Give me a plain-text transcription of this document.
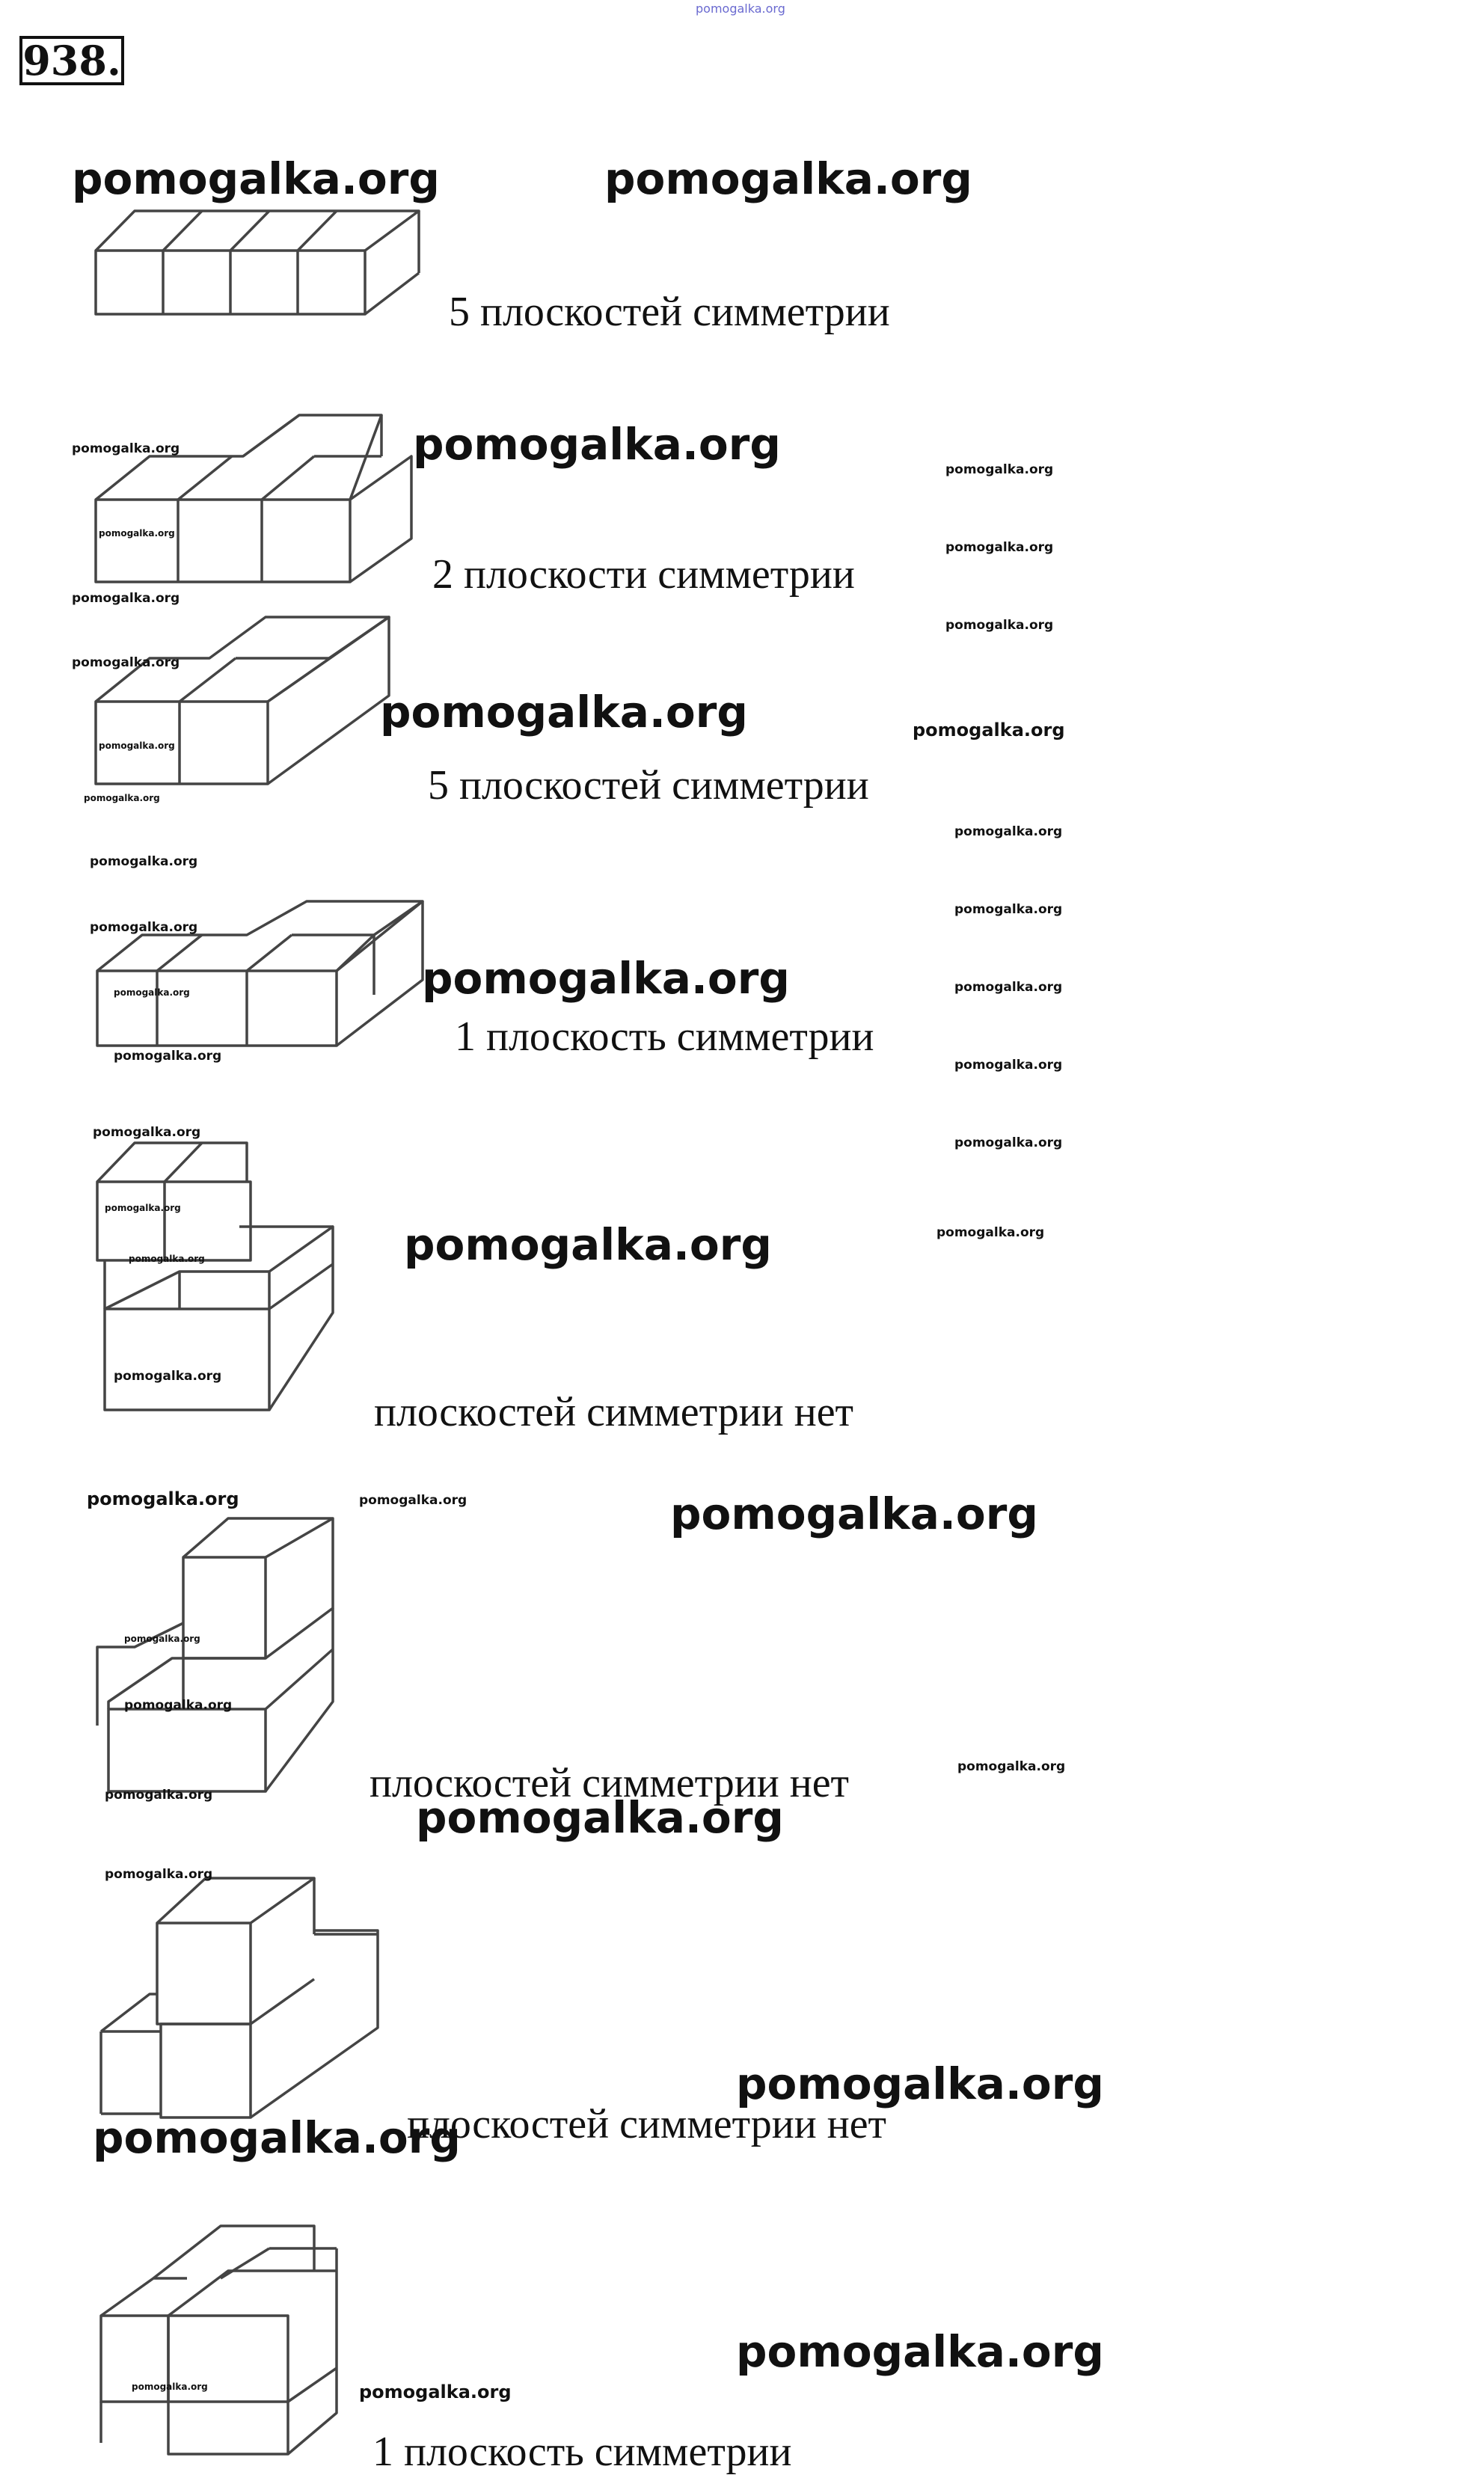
pomogalka.org
938.
pomogalka.org	pomogalka.org
5 плоскостей симметрии
pomogalka.org	pomogalka.org	pomogalka.org
pomogalka.org
pomogalka.org
2 плоскости симметрии
pomogalka.org
pomogalka.org
pomogalka.org
pomogalka.org	pomogalka.org
pomogalka.org
5 плоскостей симметрии
pomogalka.org
pomogalka.org
pomogalka.org
pomogalka.org
pomogalka.org
pomogalka.org
pomogalka.org	pomogalka.org
1 плоскость симметрии
pomogalka.org
pomogalka.org
pomogalka.org
pomogalka.org
pomogalka.org
pomogalka.org
pomogalka.org
pomogalka.org
pomogalka.org
плоскостей симметрии нет
pomogalka.org	pomogalka.org	pomogalka.org
pomogalka.org
pomogalka.org
pomogalka.org
плоскостей симметрии нет
pomogalka.org	pomogalka.org
pomogalka.org
pomogalka.org
плоскостей симметрии нет
pomogalka.org
pomogalka.org
pomogalka.org	pomogalka.org
1 плоскость симметрии
